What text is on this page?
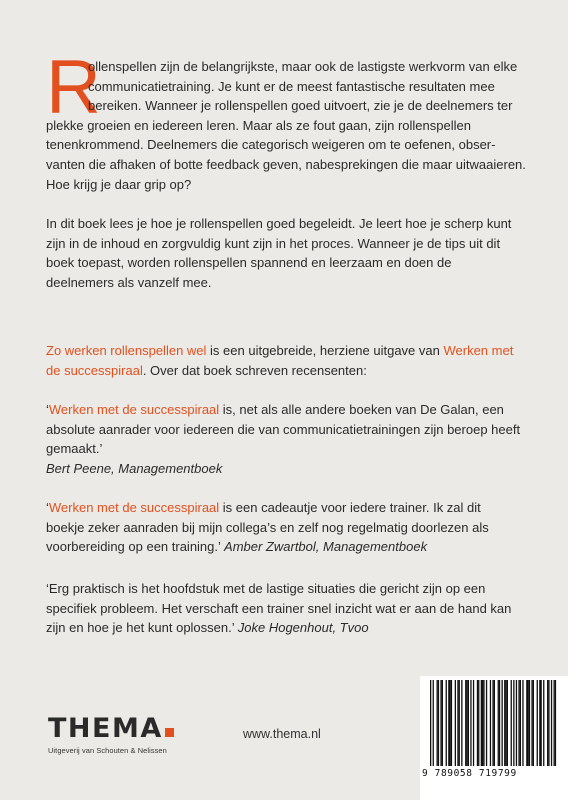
R
ollenspellen zijn de belangrijkste, maar ook de lastigste werkvorm van elke
communicatietraining. Je kunt er de meest fantastische resultaten mee
bereiken. Wanneer je rollenspellen goed uitvoert, zie je de deelnemers ter
plekke groeien en iedereen leren. Maar als ze fout gaan, zijn rollenspellen
tenenkrommend. Deelnemers die categorisch weigeren om te oefenen, obser-
vanten die afhaken of botte feedback geven, nabesprekingen die maar uitwaaieren.
Hoe krijg je daar grip op?
In dit boek lees je hoe je rollenspellen goed begeleidt. Je leert hoe je scherp kunt zijn in de inhoud en zorgvuldig kunt zijn in het proces. Wanneer je de tips uit dit boek toepast, worden rollenspellen spannend en leerzaam en doen de deelnemers als vanzelf mee.
Zo werken rollenspellen wel is een uitgebreide, herziene uitgave van Werken met de successpiraal. Over dat boek schreven recensenten:
‘Werken met de successpiraal is, net als alle andere boeken van De Galan, een absolute aanrader voor iedereen die van communicatietrainingen zijn beroep heeft gemaakt.’
Bert Peene, Managementboek
‘Werken met de successpiraal is een cadeautje voor iedere trainer. Ik zal dit boekje zeker aanraden bij mijn collega’s en zelf nog regelmatig doorlezen als voorbereiding op een training.’ Amber Zwartbol, Managementboek
‘Erg praktisch is het hoofdstuk met de lastige situaties die gericht zijn op een specifiek probleem. Het verschaft een trainer snel inzicht wat er aan de hand kan zijn en hoe je het kunt oplossen.’ Joke Hogenhout, Tvoo
THEMA
Uitgeverij van Schouten & Nelissen
www.thema.nl
9 789058 719799
